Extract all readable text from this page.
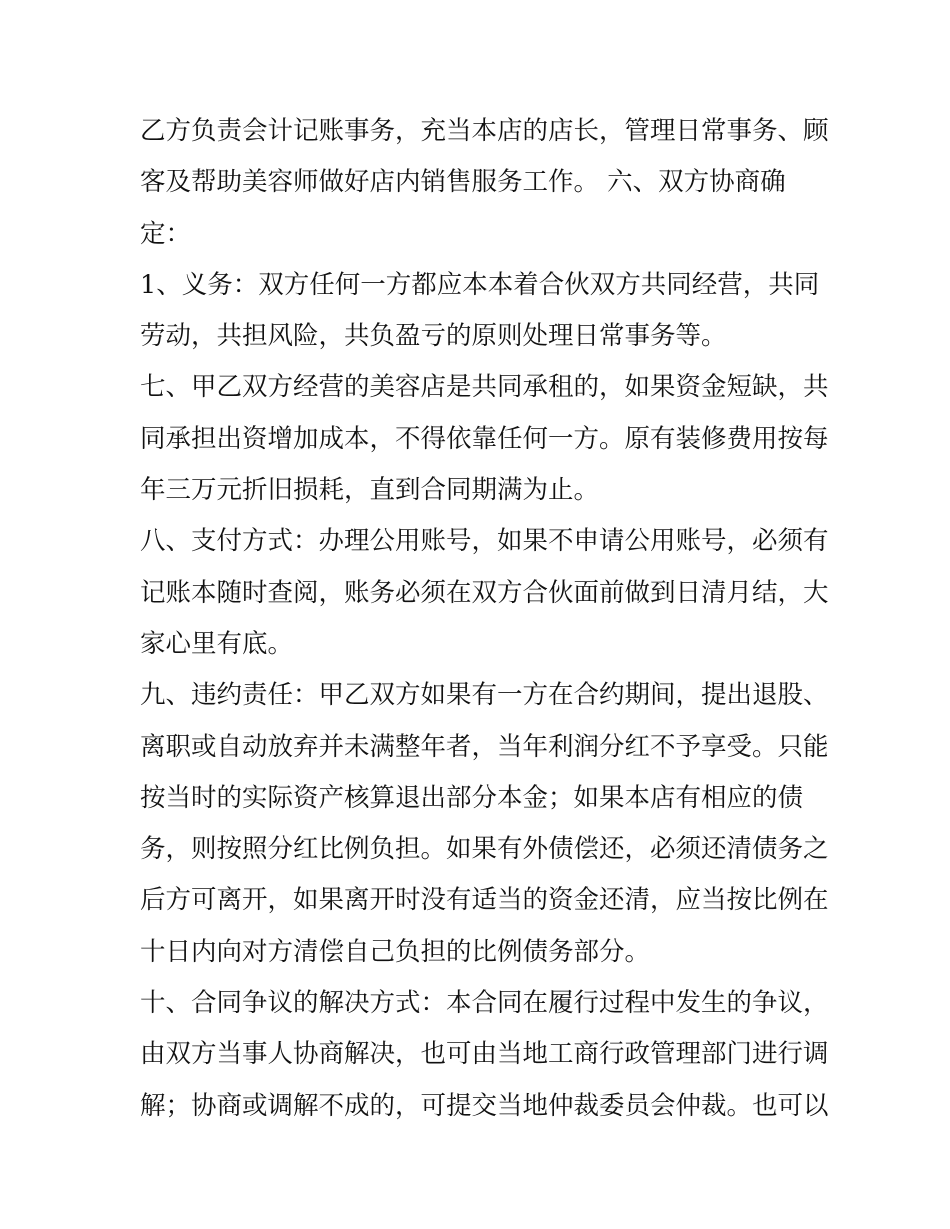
乙方负责会计记账事务，充当本店的店长，管理日常事务、顾
客及帮助美容师做好店内销售服务工作。 六、双方协商确
定：
1、义务：双方任何一方都应本本着合伙双方共同经营，共同
劳动，共担风险，共负盈亏的原则处理日常事务等。
七、甲乙双方经营的美容店是共同承租的，如果资金短缺，共
同承担出资增加成本，不得依靠任何一方。原有装修费用按每
年三万元折旧损耗，直到合同期满为止。
八、支付方式：办理公用账号，如果不申请公用账号，必须有
记账本随时查阅，账务必须在双方合伙面前做到日清月结，大
家心里有底。
九、违约责任：甲乙双方如果有一方在合约期间，提出退股、
离职或自动放弃并未满整年者，当年利润分红不予享受。只能
按当时的实际资产核算退出部分本金；如果本店有相应的债
务，则按照分红比例负担。如果有外债偿还，必须还清债务之
后方可离开，如果离开时没有适当的资金还清，应当按比例在
十日内向对方清偿自己负担的比例债务部分。
十、合同争议的解决方式：本合同在履行过程中发生的争议，
由双方当事人协商解决，也可由当地工商行政管理部门进行调
解；协商或调解不成的，可提交当地仲裁委员会仲裁。也可以
